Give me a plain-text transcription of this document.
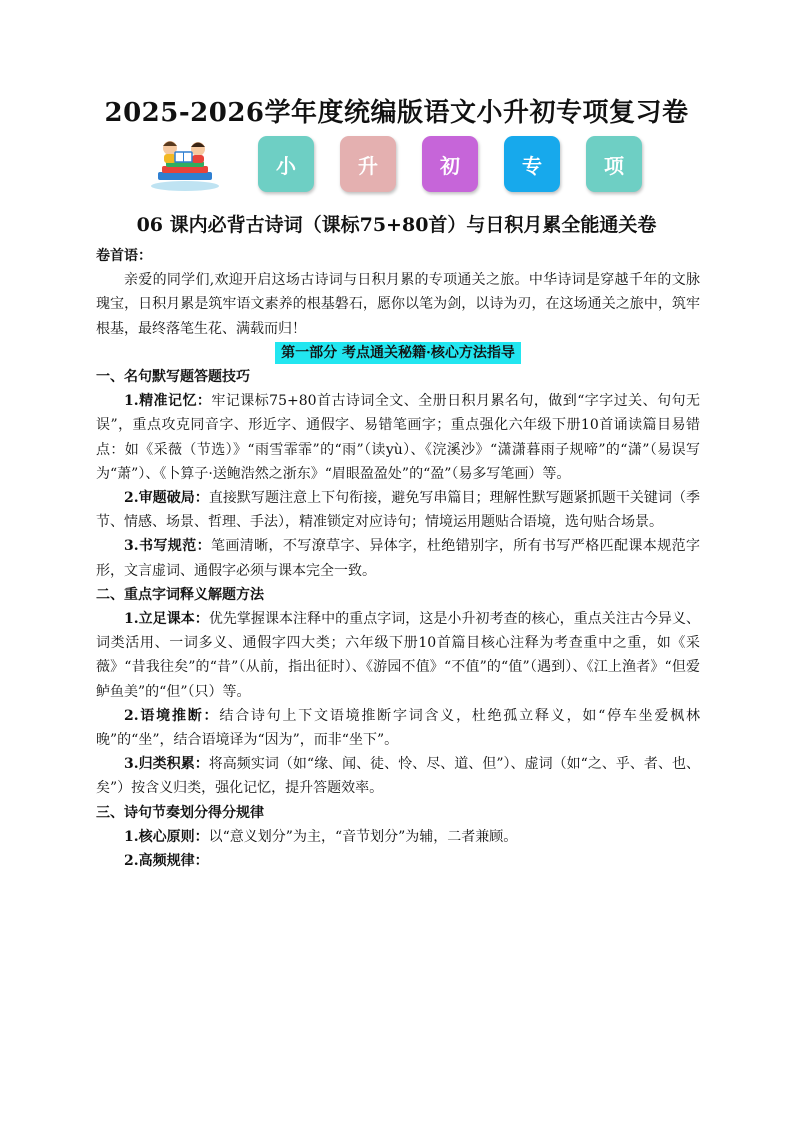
2025-2026学年度统编版语文小升初专项复习卷
小	升	初	专	项
06 课内必背古诗词（课标75+80首）与日积月累全能通关卷

卷首语：

亲爱的同学们,欢迎开启这场古诗词与日积月累的专项通关之旅。中华诗词是穿越千年的文脉瑰宝，日积月累是筑牢语文素养的根基磐石，愿你以笔为剑，以诗为刃，在这场通关之旅中，筑牢根基，最终落笔生花、满载而归！

第一部分 考点通关秘籍·核心方法指导

一、名句默写题答题技巧

1.精准记忆：牢记课标75+80首古诗词全文、全册日积月累名句，做到“字字过关、句句无误”，重点攻克同音字、形近字、通假字、易错笔画字；重点强化六年级下册10首诵读篇目易错点：如《采薇（节选）》“雨雪霏霏”的“雨”（读yù）、《浣溪沙》“潇潇暮雨子规啼”的“潇”（易误写为“萧”）、《卜算子·送鲍浩然之浙东》“眉眼盈盈处”的“盈”（易多写笔画）等。

2.审题破局：直接默写题注意上下句衔接，避免写串篇目；理解性默写题紧抓题干关键词（季节、情感、场景、哲理、手法），精准锁定对应诗句；情境运用题贴合语境，选句贴合场景。

3.书写规范：笔画清晰，不写潦草字、异体字，杜绝错别字，所有书写严格匹配课本规范字形，文言虚词、通假字必须与课本完全一致。

二、重点字词释义解题方法

1.立足课本：优先掌握课本注释中的重点字词，这是小升初考查的核心，重点关注古今异义、词类活用、一词多义、通假字四大类；六年级下册10首篇目核心注释为考查重中之重，如《采薇》“昔我往矣”的“昔”（从前，指出征时）、《游园不值》“不值”的“值”（遇到）、《江上渔者》“但爱鲈鱼美”的“但”（只）等。

2.语境推断：结合诗句上下文语境推断字词含义，杜绝孤立释义，如“停车坐爱枫林晚”的“坐”，结合语境译为“因为”，而非“坐下”。

3.归类积累：将高频实词（如“缘、闻、徒、怜、尽、道、但”）、虚词（如“之、乎、者、也、矣”）按含义归类，强化记忆，提升答题效率。

三、诗句节奏划分得分规律

1.核心原则：以“意义划分”为主，“音节划分”为辅，二者兼顾。

2.高频规律：
